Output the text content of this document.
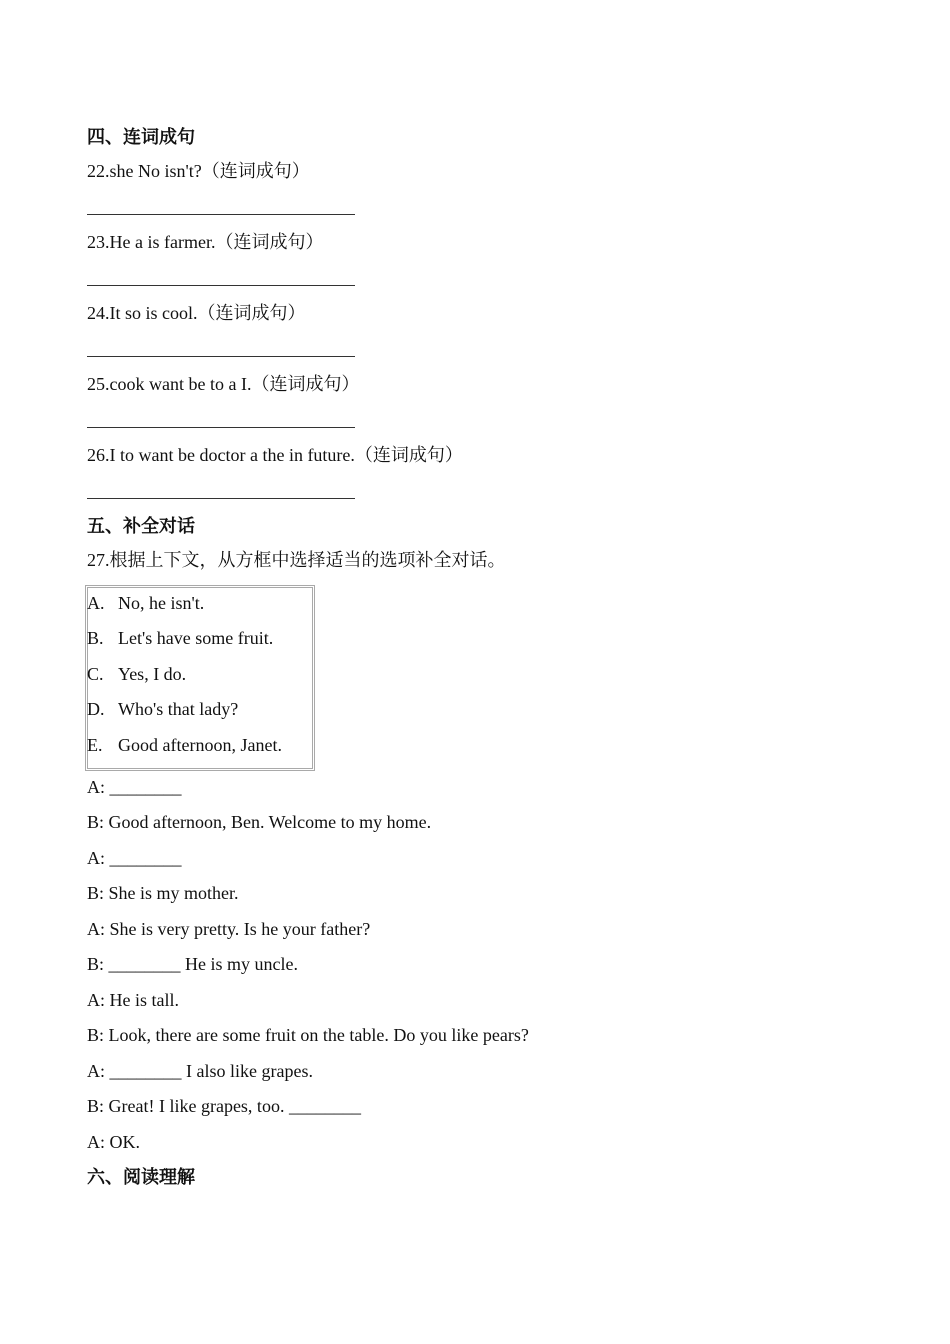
四、连词成句
22.she No isn't?（连词成句）
23.He a is farmer.（连词成句）
24.It so is cool.（连词成句）
25.cook want be to a I.（连词成句）
26.I to want be doctor a the in future.（连词成句）
五、补全对话
27.根据上下文，从方框中选择适当的选项补全对话。
A. No, he isn't.
B. Let's have some fruit.
C. Yes, I do.
D. Who's that lady?
E. Good afternoon, Janet.
A: ________
B: Good afternoon, Ben. Welcome to my home.
A: ________
B: She is my mother.
A: She is very pretty. Is he your father?
B: ________ He is my uncle.
A: He is tall.
B: Look, there are some fruit on the table. Do you like pears?
A: ________ I also like grapes.
B: Great! I like grapes, too. ________
A: OK.
六、阅读理解
